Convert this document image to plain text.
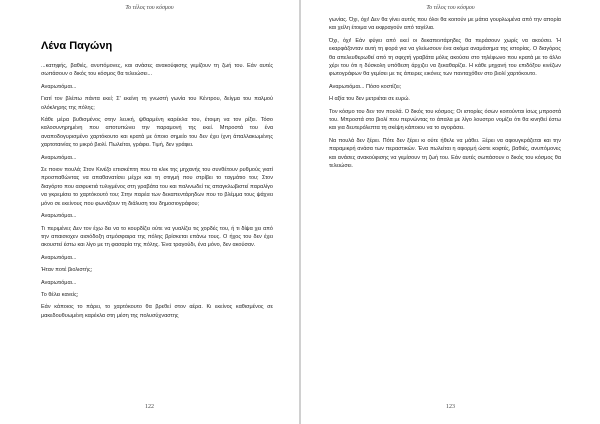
Το τέλος του κόσμου
Λένα Παγώνη

...κατηφής, βαθιές, ανυπόμονες, και ανάσες ανακούφισης γεμίζουν τη ζωή του. Εάν αυτές σωπάσουν ο δικός του κόσμος θα τελειώσει...

Αναρωτιόμαι...

Γιατί τον βλέπω πάντα εκεί; Σ' εκείνη τη γνωστή γωνία του Κέντρου, δείγμα του παλμού ολόκληρης της πόλης;

Κάθε μέρα βυθισμένος στην λευκή, ψθαρμένη καρέκλα του, έτοιμη να τον ρίξει. Τόσο καλοσυνηρημένη που αποτυπώνει την παραμονή της εκεί. Μπροστά του ένα αναποδογυρισμένο χαρτόκουτο και κρατά με όποιο σημείο του δεν έχει ίχνη άπαλλακωμένης χαρτοταινίας το μικρό βιολί. Πωλείται, γράφει. Τιμή, δεν γράφει.

Αναρωτιόμαι...

Σε ποιον πουλά; Στον Κινέζο επισκέπτη που τα κλικ της μηχανής του συνθέτουν ρυθμούς γιατί προσπαθώντας να απαθανατίσει μέχρι και τη στιγμή που στρίβει το ταγμάτιο του; Στον διαγόρτο που ασφυκτιά τυλιγμένος στη γραβάτα του και παλινωδεί τις απαγκλωβιστεί παραλίγο να γκρεμίσει το χαρτόκουτό του; Στην παρέα των δεκαπεντάρηδων που το βλέμμα τους ψάχνει μόνο σε εκείνους που φωνάζουν τη διάλυση του δημοσιογράφου;

Αναρωτιόμαι...

Τι περιμένει; Δεν τον έχω δει να το κουρδίζει ούτε να γυαλίζει τις χορδές του, ή τι δίψα χει από την απαισιοχεν αισιόδοξη ατμόσφαιρα της πόλης βρίσκεται επάνω τους. Ο ήχος του δεν έχει ακουστεί έστω και λίγο με τη φασαρία της πόλης. Ένα τραγούδι, ένα μόνο, δεν ακούσαν.

Αναρωτιόμαι...

Ήταν ποτέ βιολιστής;

Αναρωτιόμαι...

Το θέλει κανείς;

Εάν κάποιος το πάρει, το χαρτόκουτο θα βρεθεί στον αέρα. Κι εκείνος καθισμένος σε μακεδουθυωμένη καρέκλα στη μέση της πολυσύχναστης

122
Το τέλος του κόσμου

γωνίας. Όχι, όχι! Δεν θα γίνει αυτός που όλοι θα κοιτούν με μάτια γουρλωμένα από την απορία και χείλη έτοιμα να εκφραγούν από ταγέλια.

Όχι, όχι! Εάν φύγει από εκεί οι δεκαπεντάρηδες θα περάσουν χωρίς να ακούσει. Ή εκαρφάζονταν αυτή τη φορά για να γλείωσουν ένα ακόμα αναμάσημα της ιστορίας. Ο διαγόρος θα απελευθερωθεί από τη σφιχτή γραβάτα μόλις ακούσει στο τηλέφωνο που κρατά με το άλλο χέρι του ότι η δύσκολη υπόθεση άρχιζει να ξεκαθαρίζει. Η κάθε μηχανή του επιδόξου κινέζων φωτογράφων θα γεμίσει με τις άπειρες εικόνες των πανταχόθεν στο βιολί χαρτόκουτο.

Αναρωτιόμαι... Πόσο κοστίζει;

Η αξία του δεν μετριέται σε ευρώ.

Τον κόσμο του δεν τον πουλά. Ο δικός του κόσμος; Οι ιστορίες όσων κοιτούνται ίσως μπροστά του. Μπροστά στο βιολί που περνώντας το άπαλα με λίγο λουστρο νομίζει ότι θα κινηθεί έστω και για δευτερόλεπτα τη σκέψη κάποιου να το αγοράσει.

Να πουλά δεν ξέρει. Πότε δεν ξέρει κι ούτε ήθελε να μάθει. Ξέρει να αφουγκράζεται και την παραμικρή ανάσα των περαστικών. Ένα πωλείται η αφορμή ώστε κοφτές, βαθιές, ανυπόμονες και ανάσες ανακούφισης να γεμίσουν τη ζωή του. Εάν αυτές σωπάσουν ο δικός του κόσμος θα τελειώσει.

123
